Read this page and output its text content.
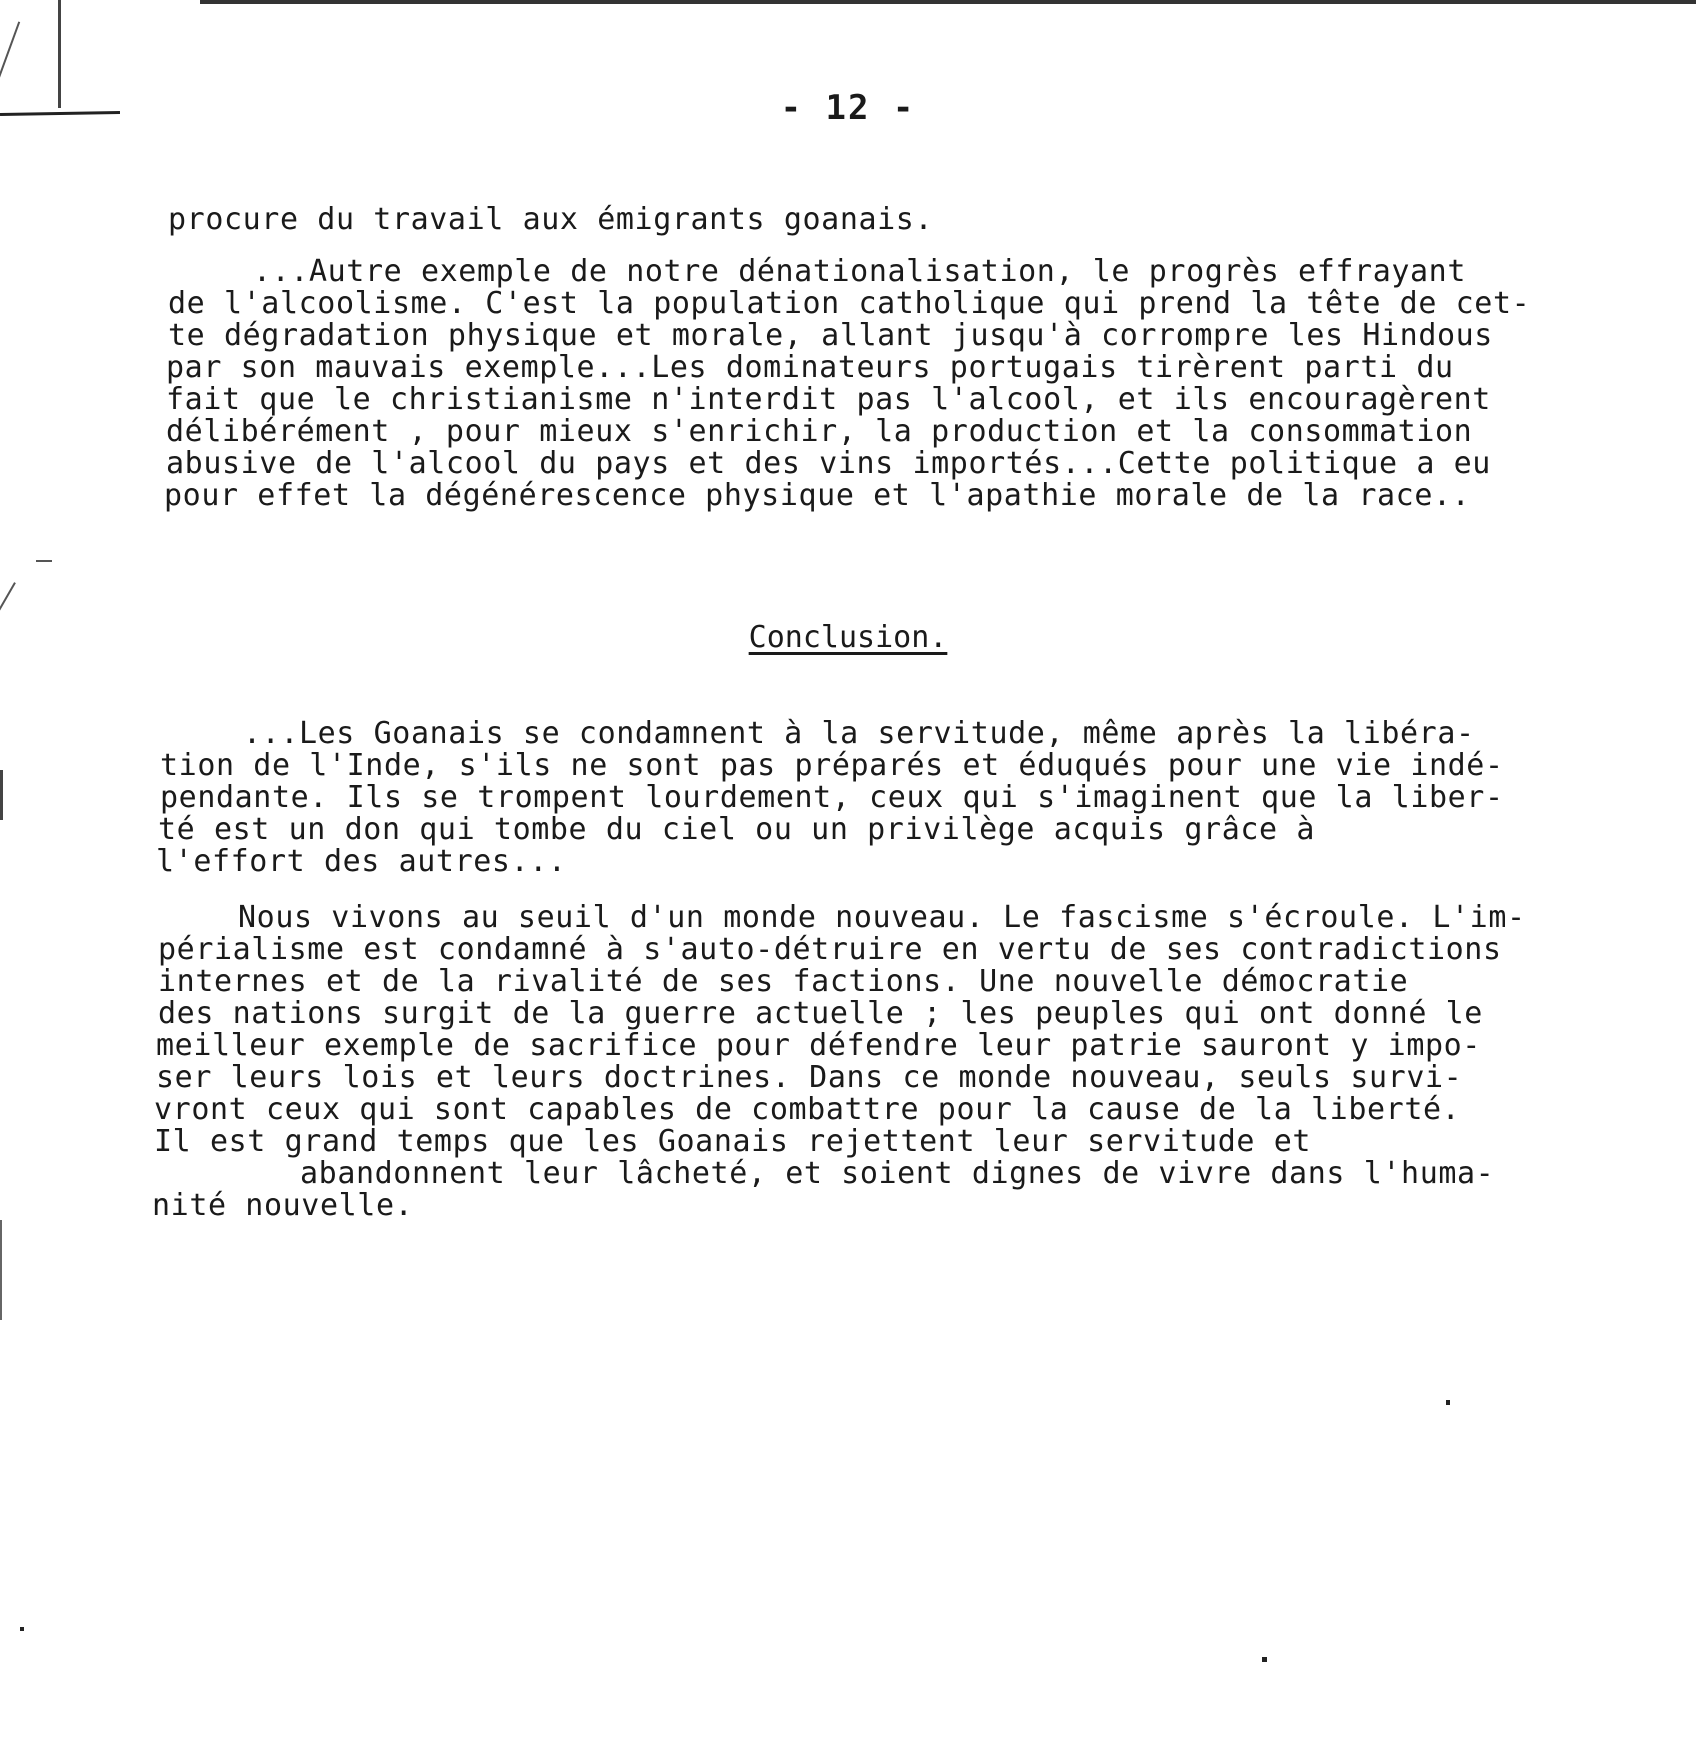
- 12 -
procure du travail aux émigrants goanais.
...Autre exemple de notre dénationalisation, le progrès effrayant
de l'alcoolisme. C'est la population catholique qui prend la tête de cet-
te dégradation physique et morale, allant jusqu'à corrompre les Hindous
par son mauvais exemple...Les dominateurs portugais tirèrent parti du
fait que le christianisme n'interdit pas l'alcool, et ils encouragèrent
délibérément , pour mieux s'enrichir, la production et la consommation
abusive de l'alcool du pays et des vins importés...Cette politique a eu
pour effet la dégénérescence physique et l'apathie morale de la race..
Conclusion.
...Les Goanais se condamnent à la servitude, même après la libéra-
tion de l'Inde, s'ils ne sont pas préparés et éduqués pour une vie indé-
pendante. Ils se trompent lourdement, ceux qui s'imaginent que la liber-
té est un don qui tombe du ciel ou un privilège acquis grâce à
l'effort des autres...
Nous vivons au seuil d'un monde nouveau. Le fascisme s'écroule. L'im-
périalisme est condamné à s'auto-détruire en vertu de ses contradictions
internes et de la rivalité de ses factions. Une nouvelle démocratie
des nations surgit de la guerre actuelle ; les peuples qui ont donné le
meilleur exemple de sacrifice pour défendre leur patrie sauront y impo-
ser leurs lois et leurs doctrines. Dans ce monde nouveau, seuls survi-
vront ceux qui sont capables de combattre pour la cause de la liberté.
Il est grand temps que les Goanais rejettent leur servitude et
abandonnent leur lâcheté, et soient dignes de vivre dans l'huma-
nité nouvelle.
